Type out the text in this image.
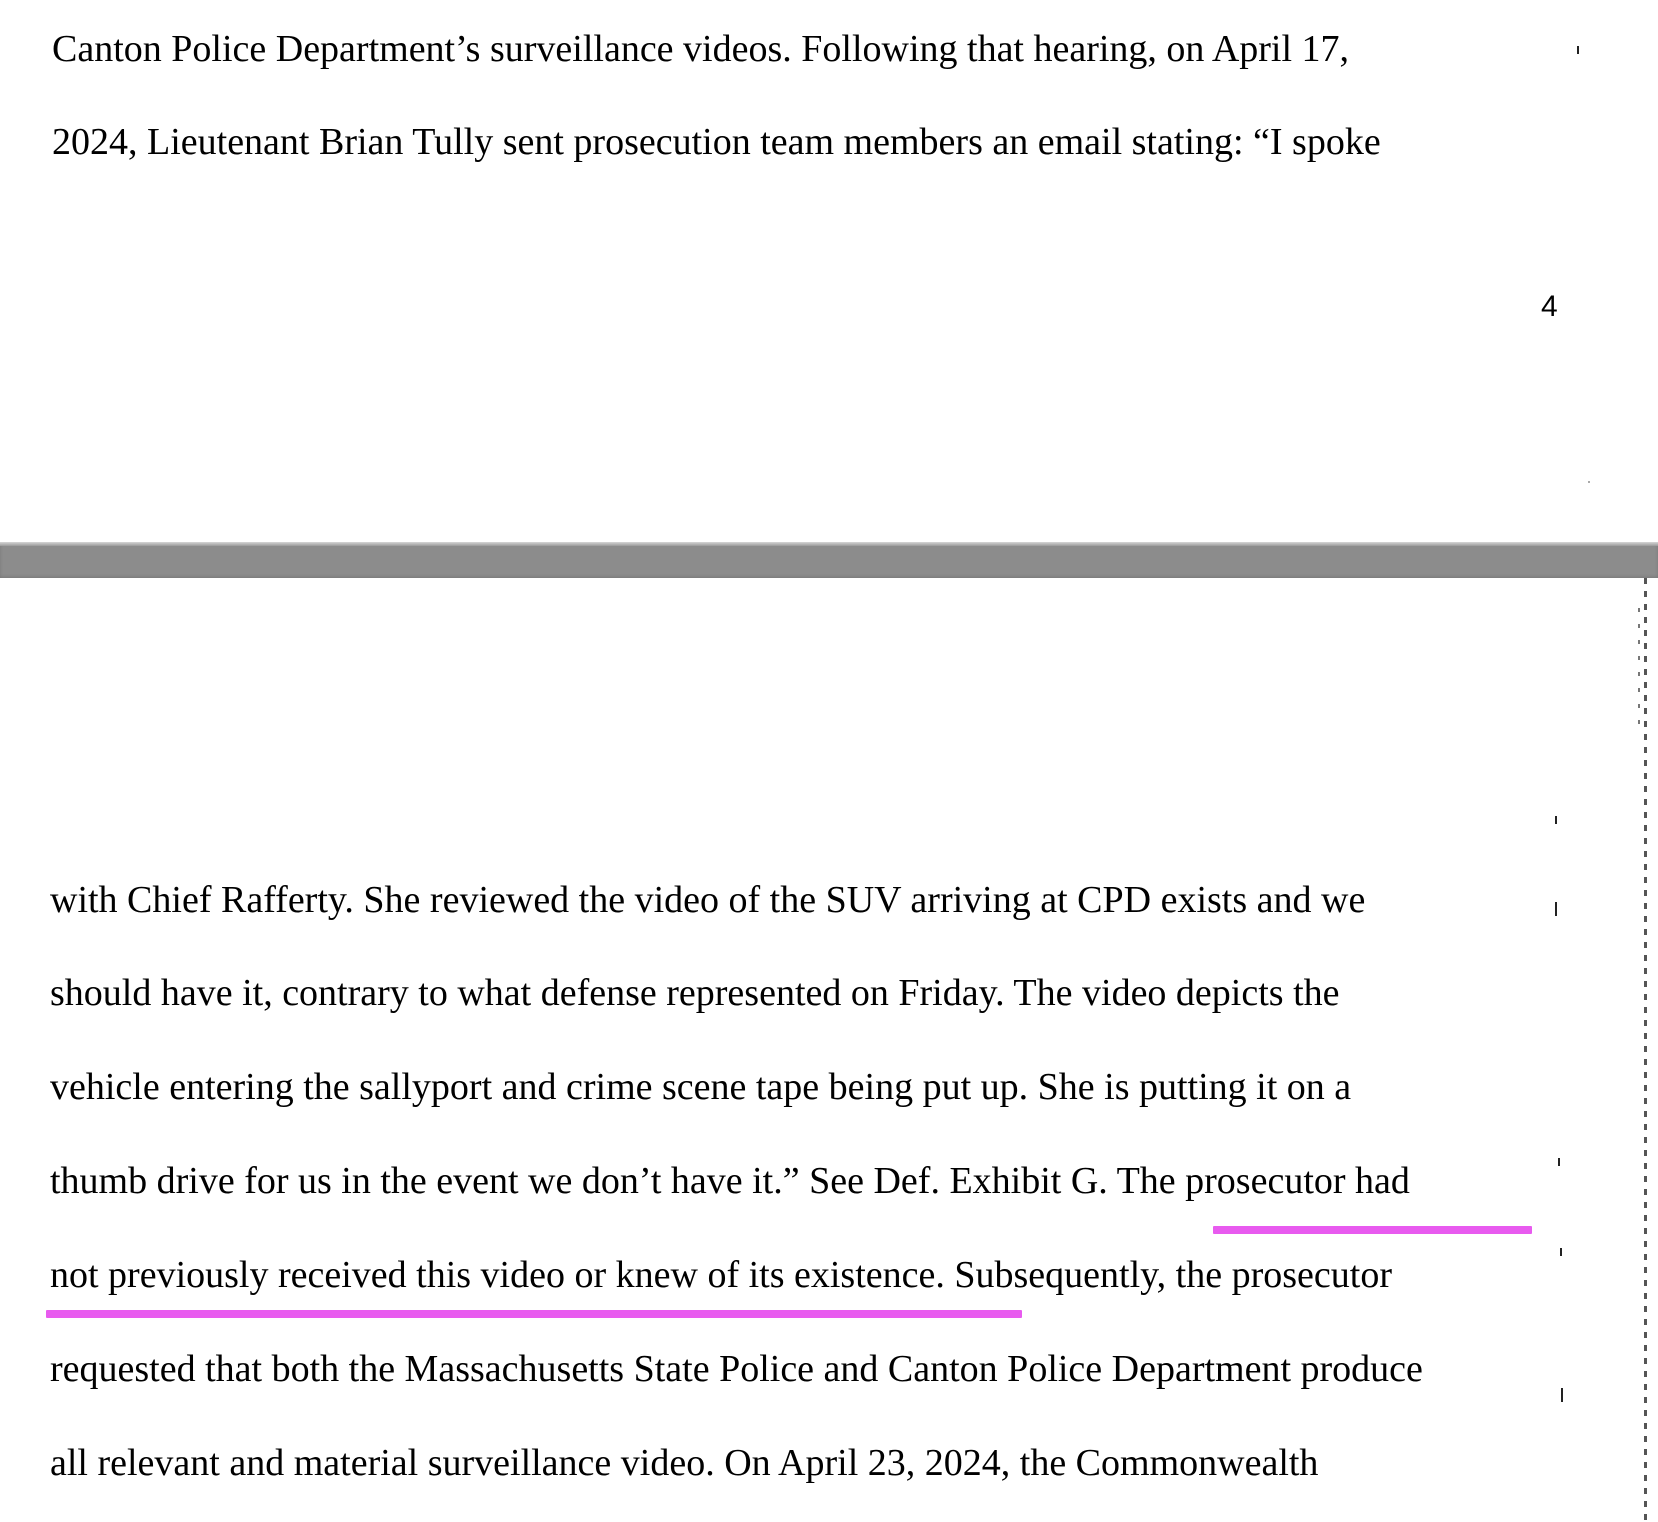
Canton Police Department’s surveillance videos. Following that hearing, on April 17,
2024, Lieutenant Brian Tully sent prosecution team members an email stating: “I spoke
4
with Chief Rafferty. She reviewed the video of the SUV arriving at CPD exists and we
should have it, contrary to what defense represented on Friday. The video depicts the
vehicle entering the sallyport and crime scene tape being put up. She is putting it on a
thumb drive for us in the event we don’t have it.” See Def. Exhibit G. The prosecutor had
not previously received this video or knew of its existence. Subsequently, the prosecutor
requested that both the Massachusetts State Police and Canton Police Department produce
all relevant and material surveillance video. On April 23, 2024, the Commonwealth
